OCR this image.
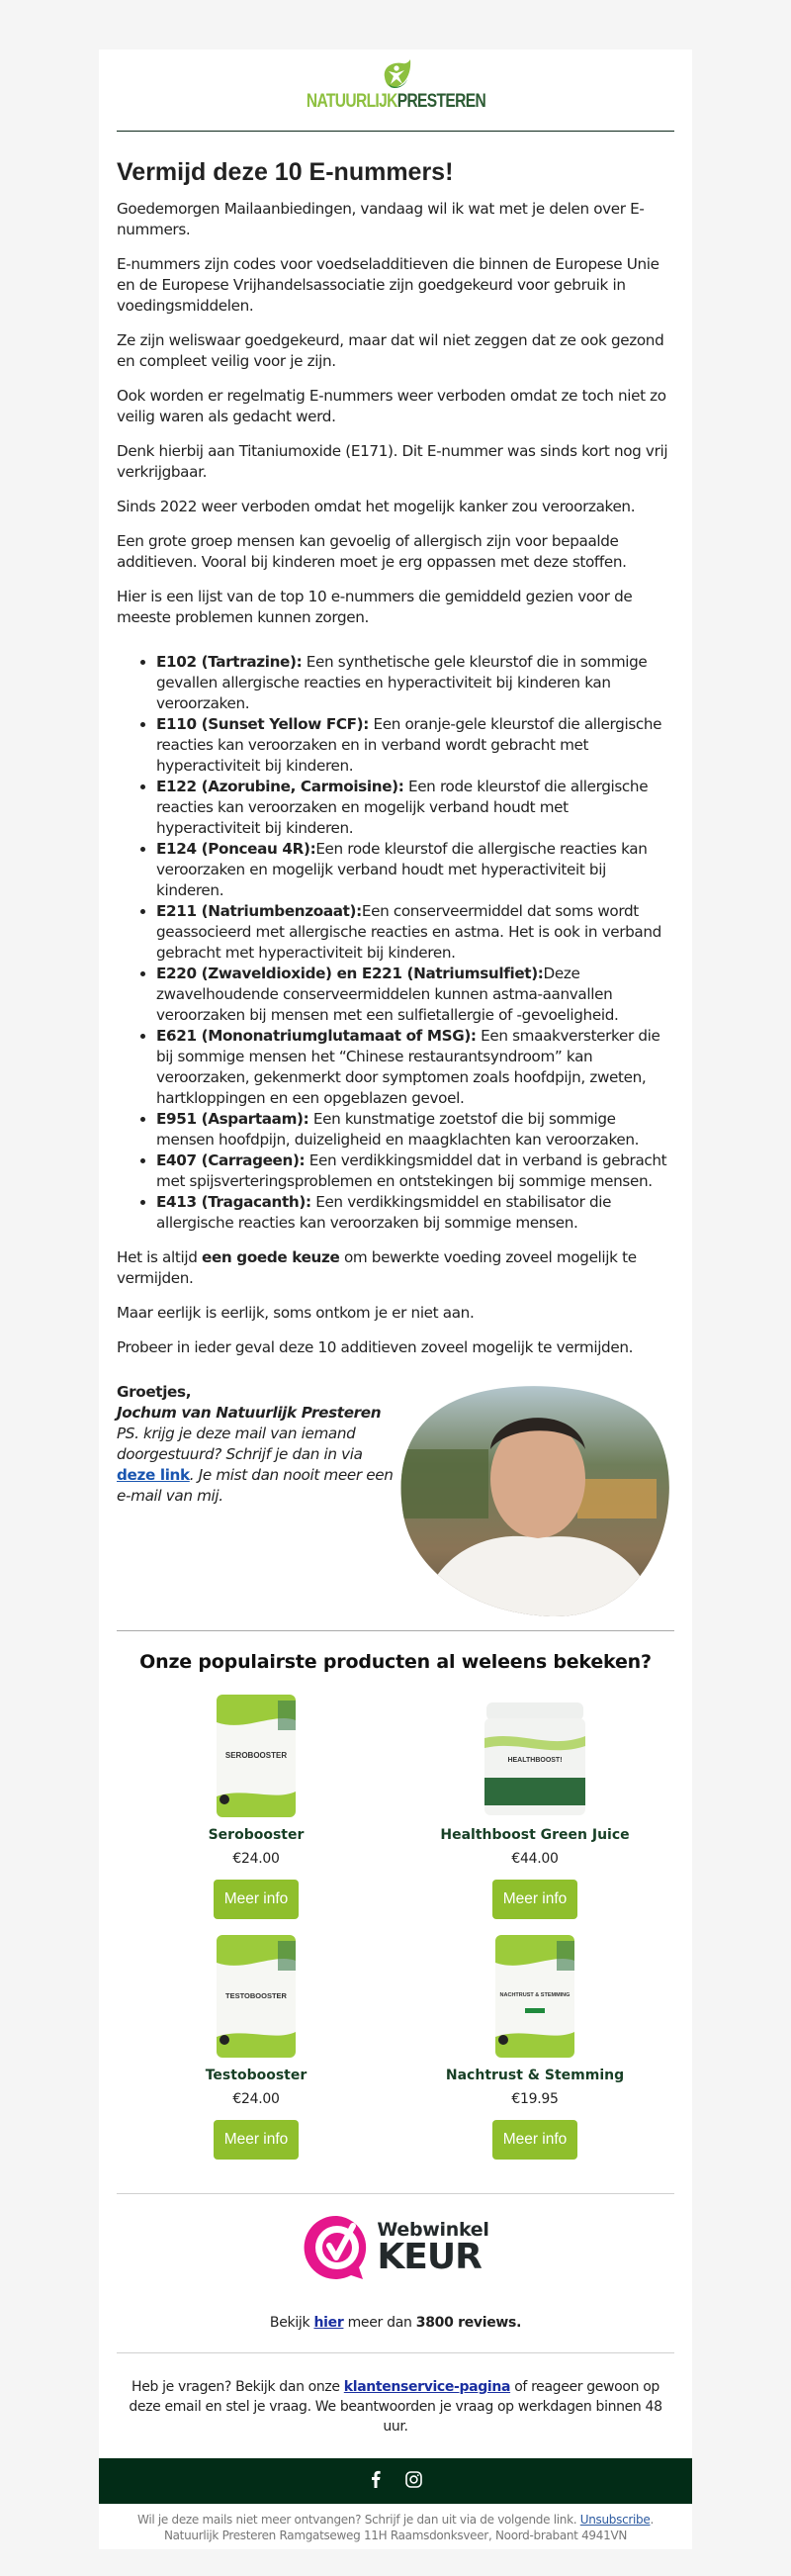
NATUURLIJKPRESTEREN
Vermijd deze 10 E-nummers!

Goedemorgen Mailaanbiedingen, vandaag wil ik wat met je delen over E-nummers.

E-nummers zijn codes voor voedseladditieven die binnen de Europese Unie en de Europese Vrijhandelsassociatie zijn goedgekeurd voor gebruik in voedingsmiddelen.

Ze zijn weliswaar goedgekeurd, maar dat wil niet zeggen dat ze ook gezond en compleet veilig voor je zijn.

Ook worden er regelmatig E-nummers weer verboden omdat ze toch niet zo veilig waren als gedacht werd.

Denk hierbij aan Titaniumoxide (E171). Dit E-nummer was sinds kort nog vrij verkrijgbaar.

Sinds 2022 weer verboden omdat het mogelijk kanker zou veroorzaken.

Een grote groep mensen kan gevoelig of allergisch zijn voor bepaalde additieven. Vooral bij kinderen moet je erg oppassen met deze stoffen.

Hier is een lijst van de top 10 e-nummers die gemiddeld gezien voor de meeste problemen kunnen zorgen.

• E102 (Tartrazine): Een synthetische gele kleurstof die in sommige gevallen allergische reacties en hyperactiviteit bij kinderen kan veroorzaken.
• E110 (Sunset Yellow FCF): Een oranje-gele kleurstof die allergische reacties kan veroorzaken en in verband wordt gebracht met hyperactiviteit bij kinderen.
• E122 (Azorubine, Carmoisine): Een rode kleurstof die allergische reacties kan veroorzaken en mogelijk verband houdt met hyperactiviteit bij kinderen.
• E124 (Ponceau 4R):Een rode kleurstof die allergische reacties kan veroorzaken en mogelijk verband houdt met hyperactiviteit bij kinderen.
• E211 (Natriumbenzoaat):Een conserveermiddel dat soms wordt geassocieerd met allergische reacties en astma. Het is ook in verband gebracht met hyperactiviteit bij kinderen.
• E220 (Zwaveldioxide) en E221 (Natriumsulfiet):Deze zwavelhoudende conserveermiddelen kunnen astma-aanvallen veroorzaken bij mensen met een sulfietallergie of -gevoeligheid.
• E621 (Mononatriumglutamaat of MSG): Een smaakversterker die bij sommige mensen het “Chinese restaurantsyndroom” kan veroorzaken, gekenmerkt door symptomen zoals hoofdpijn, zweten, hartkloppingen en een opgeblazen gevoel.
• E951 (Aspartaam): Een kunstmatige zoetstof die bij sommige mensen hoofdpijn, duizeligheid en maagklachten kan veroorzaken.
• E407 (Carrageen): Een verdikkingsmiddel dat in verband is gebracht met spijsverteringsproblemen en ontstekingen bij sommige mensen.
• E413 (Tragacanth): Een verdikkingsmiddel en stabilisator die allergische reacties kan veroorzaken bij sommige mensen.

Het is altijd een goede keuze om bewerkte voeding zoveel mogelijk te vermijden.

Maar eerlijk is eerlijk, soms ontkom je er niet aan.

Probeer in ieder geval deze 10 additieven zoveel mogelijk te vermijden.

Groetjes,
Jochum van Natuurlijk Presteren
PS. krijg je deze mail van iemand doorgestuurd? Schrijf je dan in via deze link. Je mist dan nooit meer een e-mail van mij.
Onze populairste producten al weleens bekeken?
SEROBOOSTER
Serobooster
€24.00
Meer info
HEALTHBOOST!
Healthboost Green Juice
€44.00
Meer info
TESTOBOOSTER
Testobooster
€24.00
Meer info
NACHTRUST & STEMMING
Nachtrust & Stemming
€19.95
Meer info
Webwinkel
KEUR
Bekijk hier meer dan 3800 reviews.
Heb je vragen? Bekijk dan onze klantenservice-pagina of reageer gewoon op deze email en stel je vraag. We beantwoorden je vraag op werkdagen binnen 48 uur.
Wil je deze mails niet meer ontvangen? Schrijf je dan uit via de volgende link. Unsubscribe.
Natuurlijk Presteren Ramgatseweg 11H Raamsdonksveer, Noord-brabant 4941VN
